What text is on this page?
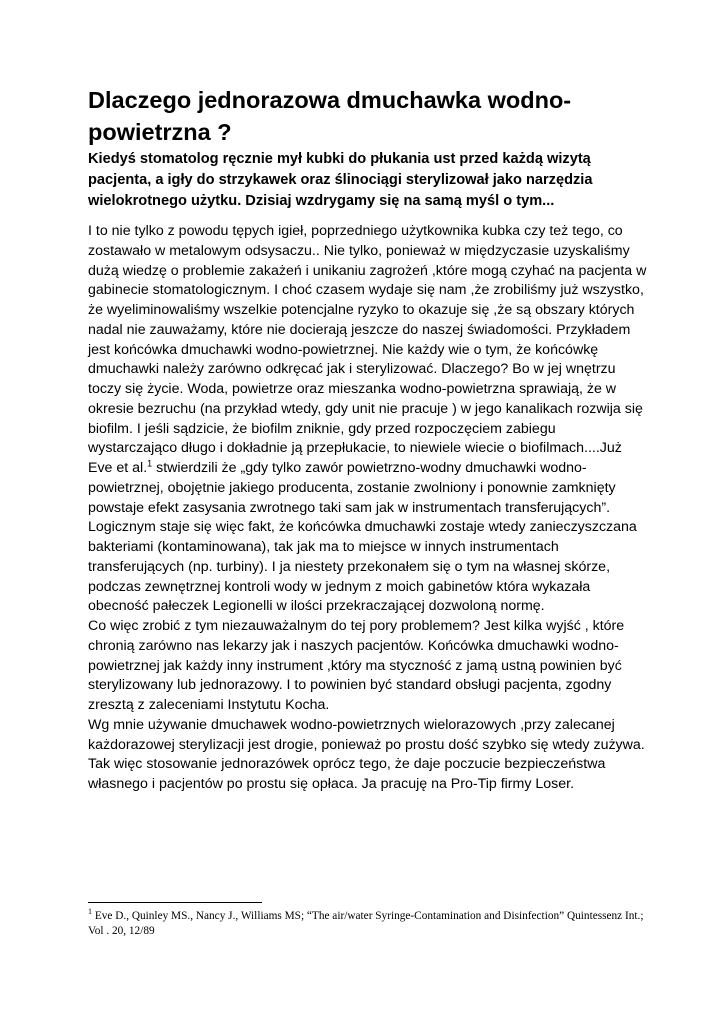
Dlaczego jednorazowa dmuchawka wodno-powietrzna ?

Kiedyś stomatolog ręcznie mył kubki do płukania ust przed każdą wizytą pacjenta, a igły do strzykawek oraz ślinociągi sterylizował jako narzędzia wielokrotnego użytku. Dzisiaj wzdrygamy się na samą myśl o tym...

I to nie tylko z powodu tępych igieł, poprzedniego użytkownika kubka czy też tego, co zostawało w metalowym odsysaczu.. Nie tylko, ponieważ w międzyczasie uzyskaliśmy dużą wiedzę o problemie zakażeń i unikaniu zagrożeń ,które mogą czyhać na pacjenta w gabinecie stomatologicznym. I choć czasem wydaje się nam ,że zrobiliśmy już wszystko, że wyeliminowaliśmy wszelkie potencjalne ryzyko to okazuje się ,że są obszary których nadal nie zauważamy, które nie docierają jeszcze do naszej świadomości. Przykładem jest końcówka dmuchawki wodno-powietrznej. Nie każdy wie o tym, że końcówkę dmuchawki należy zarówno odkręcać jak i sterylizować. Dlaczego? Bo w jej wnętrzu toczy się życie. Woda, powietrze oraz mieszanka wodno-powietrzna sprawiają, że w okresie bezruchu (na przykład wtedy, gdy unit nie pracuje ) w jego kanalikach rozwija się biofilm. I jeśli sądzicie, że biofilm zniknie, gdy przed rozpoczęciem zabiegu wystarczająco długo i dokładnie ją przepłukacie, to niewiele wiecie o biofilmach....Już Eve et al.$^1$ stwierdzili że „gdy tylko zawór powietrzno-wodny dmuchawki wodno-powietrznej, obojętnie jakiego producenta, zostanie zwolniony i ponownie zamknięty powstaje efekt zasysania zwrotnego taki sam jak w instrumentach transferujących”. Logicznym staje się więc fakt, że końcówka dmuchawki zostaje wtedy zanieczyszczana bakteriami (kontaminowana), tak jak ma to miejsce w innych instrumentach transferujących (np. turbiny). I ja niestety przekonałem się o tym na własnej skórze, podczas zewnętrznej kontroli wody w jednym z moich gabinetów która wykazała obecność pałeczek Legionelli w ilości przekraczającej dozwoloną normę.

Co więc zrobić z tym niezauważalnym do tej pory problemem? Jest kilka wyjść , które chronią zarówno nas lekarzy jak i naszych pacjentów. Końcówka dmuchawki wodno-powietrznej jak każdy inny instrument ,który ma styczność z jamą ustną powinien być sterylizowany lub jednorazowy. I to powinien być standard obsługi pacjenta, zgodny zresztą z zaleceniami Instytutu Kocha.

Wg mnie używanie dmuchawek wodno-powietrznych wielorazowych ,przy zalecanej każdorazowej sterylizacji jest drogie, ponieważ po prostu dość szybko się wtedy zużywa.

Tak więc stosowanie jednorazówek oprócz tego, że daje poczucie bezpieczeństwa własnego i pacjentów po prostu się opłaca. Ja pracuję na Pro-Tip firmy Loser.

$^1$ Eve D., Quinley MS., Nancy J., Williams MS; “The air/water Syringe-Contamination and Disinfection” Quintessenz Int.; Vol . 20, 12/89
